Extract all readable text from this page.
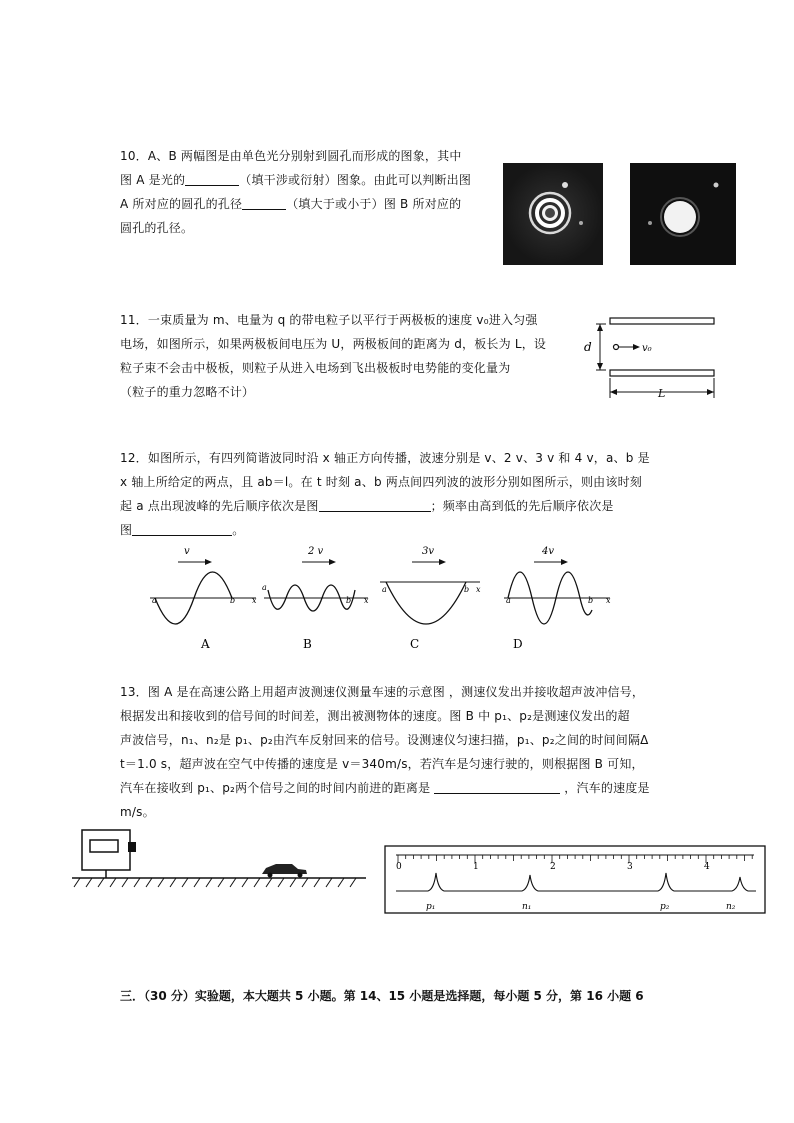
10．A、B 两幅图是由单色光分别射到圆孔而形成的图象，其中
图 A 是光的	（填干涉或衍射）图象。由此可以判断出图
A 所对应的圆孔的孔径	（填大于或小于）图 B 所对应的
圆孔的孔径。
11．一束质量为 m、电量为 q 的带电粒子以平行于两极板的速度 v₀进入匀强
电场，如图所示，如果两极板间电压为 U，两极板间的距离为 d，板长为 L，设
粒子束不会击中极板，则粒子从进入电场到飞出极板时电势能的变化量为
（粒子的重力忽略不计）
d	v₀
L
12．如图所示，有四列简谐波同时沿 x 轴正方向传播，波速分别是 v、2 v、3 v 和 4 v，a、b 是
x 轴上所给定的两点，且 ab＝l。在 t 时刻 a、b 两点间四列波的波形分别如图所示，则由该时刻
起 a 点出现波峰的先后顺序依次是图	；频率由高到低的先后顺序依次是
图	。
v
a	b x
A
2 v
a
b x
B
3v
a	b x
C
4v
a	b x
D
13．图 A 是在高速公路上用超声波测速仪测量车速的示意图 ，测速仪发出并接收超声波冲信号，
根据发出和接收到的信号间的时间差，测出被测物体的速度。图 B 中 p₁、p₂是测速仪发出的超
声波信号，n₁、n₂是 p₁、p₂由汽车反射回来的信号。设测速仪匀速扫描，p₁、p₂之间的时间间隔Δ
t＝1.0 s，超声波在空气中传播的速度是 v＝340m/s，若汽车是匀速行驶的，则根据图 B 可知，
汽车在接收到 p₁、p₂两个信号之间的时间内前进的距离是	，汽车的速度是
m/s。
0	1	2	3	4
p₁	n₁	p₂	n₂
三．（30 分）实验题，本大题共 5 小题。第 14、15 小题是选择题，每小题 5 分，第 16 小题 6
